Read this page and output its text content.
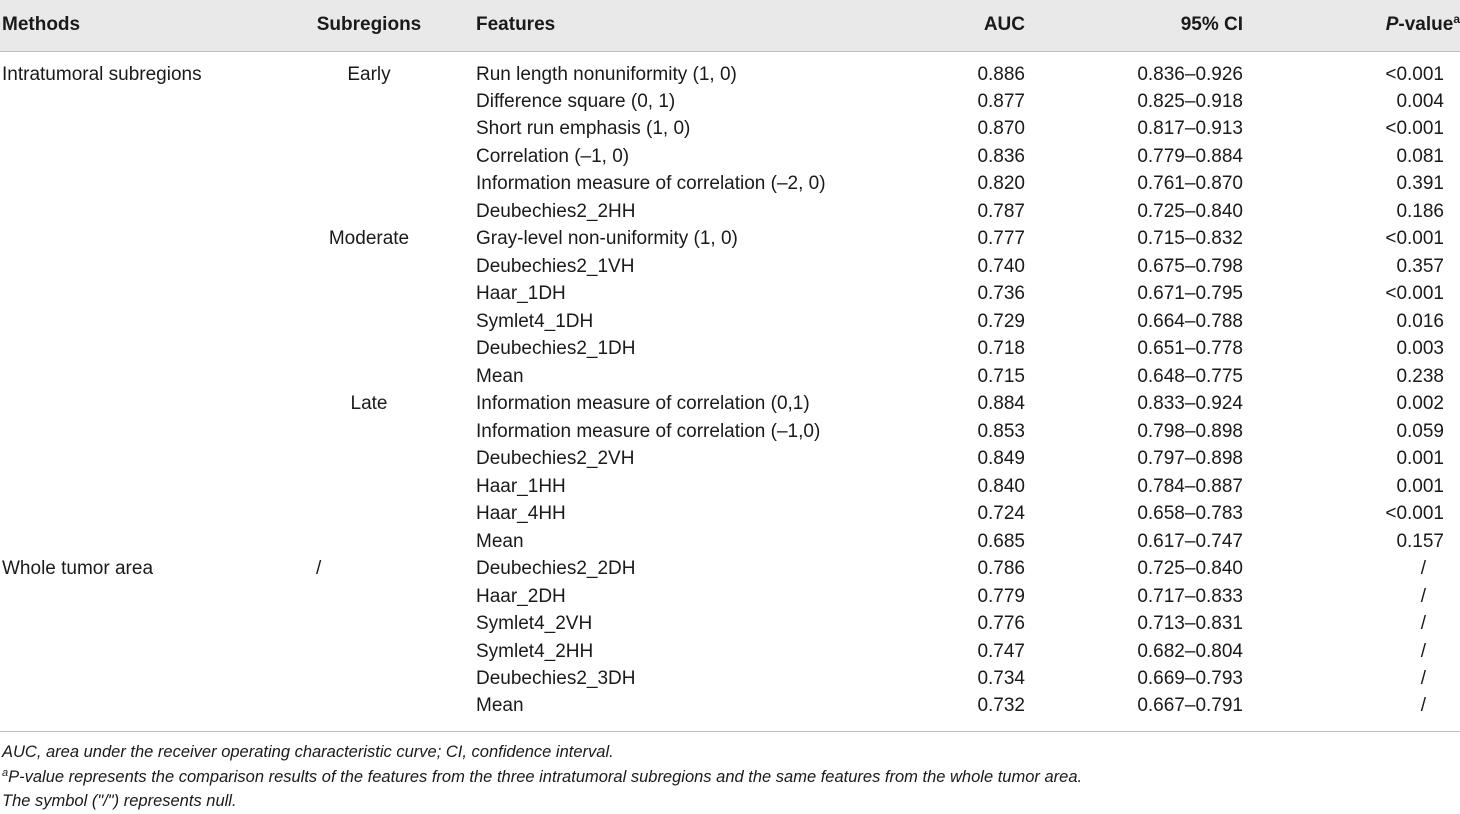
Methods	Subregions	Features	AUC	95% CI	P-value$^a$
Intratumoral subregions	Early	Run length nonuniformity (1, 0)	0.886	0.836–0.926	<0.001
		Difference square (0, 1)	0.877	0.825–0.918	0.004
		Short run emphasis (1, 0)	0.870	0.817–0.913	<0.001
		Correlation (–1, 0)	0.836	0.779–0.884	0.081
		Information measure of correlation (–2, 0)	0.820	0.761–0.870	0.391
		Deubechies2_2HH	0.787	0.725–0.840	0.186
	Moderate	Gray-level non-uniformity (1, 0)	0.777	0.715–0.832	<0.001
		Deubechies2_1VH	0.740	0.675–0.798	0.357
		Haar_1DH	0.736	0.671–0.795	<0.001
		Symlet4_1DH	0.729	0.664–0.788	0.016
		Deubechies2_1DH	0.718	0.651–0.778	0.003
		Mean	0.715	0.648–0.775	0.238
	Late	Information measure of correlation (0,1)	0.884	0.833–0.924	0.002
		Information measure of correlation (–1,0)	0.853	0.798–0.898	0.059
		Deubechies2_2VH	0.849	0.797–0.898	0.001
		Haar_1HH	0.840	0.784–0.887	0.001
		Haar_4HH	0.724	0.658–0.783	<0.001
		Mean	0.685	0.617–0.747	0.157
Whole tumor area	/	Deubechies2_2DH	0.786	0.725–0.840	/
		Haar_2DH	0.779	0.717–0.833	/
		Symlet4_2VH	0.776	0.713–0.831	/
		Symlet4_2HH	0.747	0.682–0.804	/
		Deubechies2_3DH	0.734	0.669–0.793	/
		Mean	0.732	0.667–0.791	/
AUC, area under the receiver operating characteristic curve; CI, confidence interval.
$^a$P-value represents the comparison results of the features from the three intratumoral subregions and the same features from the whole tumor area.
The symbol ("/") represents null.
